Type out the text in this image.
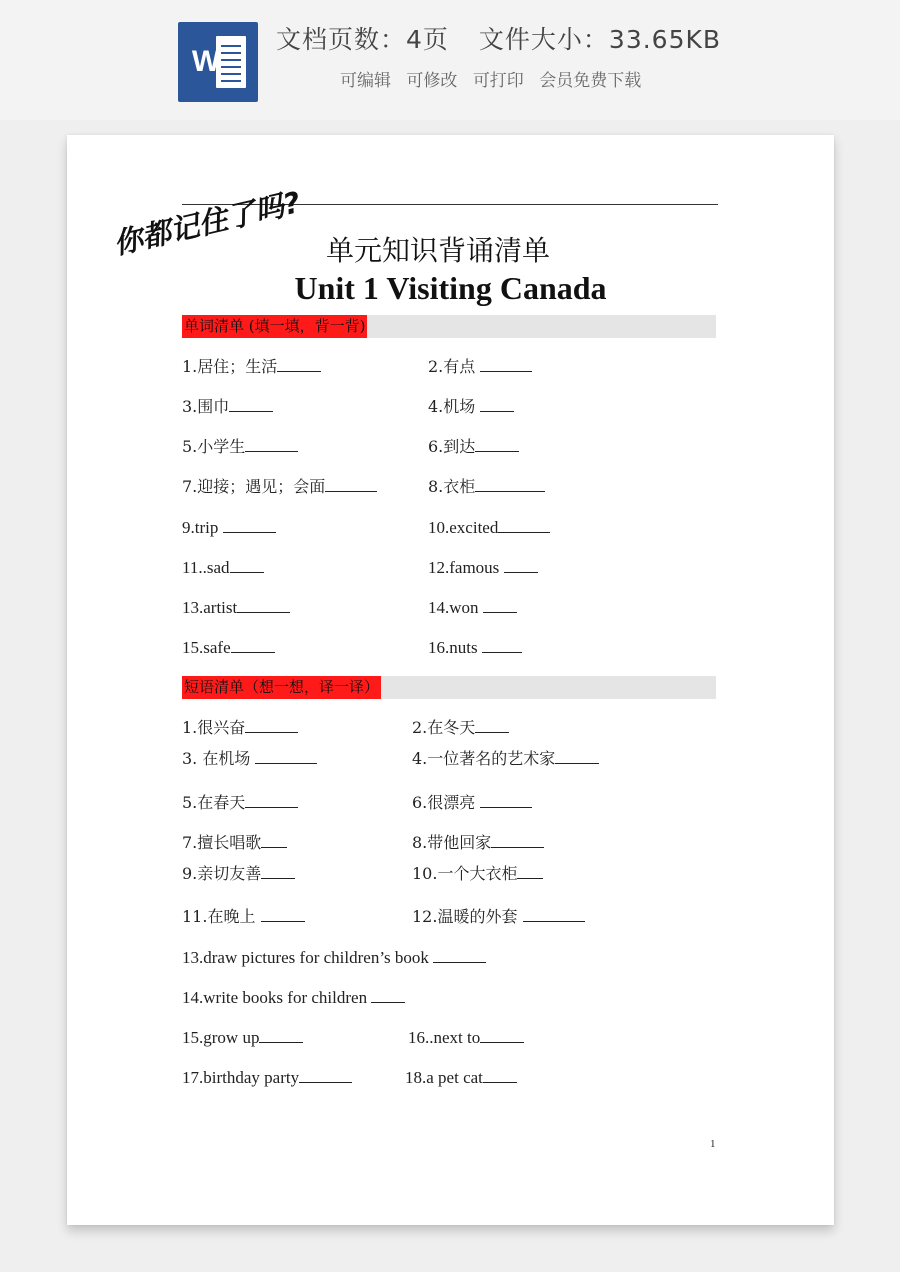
W
文档页数：4页 文件大小：33.65KB
可编辑 可修改 可打印 会员免费下载
你都记住了吗? 单元知识背诵清单
Unit 1 Visiting Canada
单词清单 (填一填，背一背)
1.居住；生活	2.有点
3.围巾	4.机场
5.小学生	6.到达
7.迎接；遇见；会面	8.衣柜
9.trip	10.excited
11..sad	12.famous
13.artist	14.won
15.safe	16.nuts
短语清单（想一想，译一译）
1.很兴奋	2.在冬天
3. 在机场	4.一位著名的艺术家
5.在春天	6.很漂亮
7.擅长唱歌	8.带他回家
9.亲切友善	10.一个大衣柜
11.在晚上	12.温暖的外套
13.draw pictures for children’s book
14.write books for children
15.grow up	16..next to
17.birthday party	18.a pet cat
1
